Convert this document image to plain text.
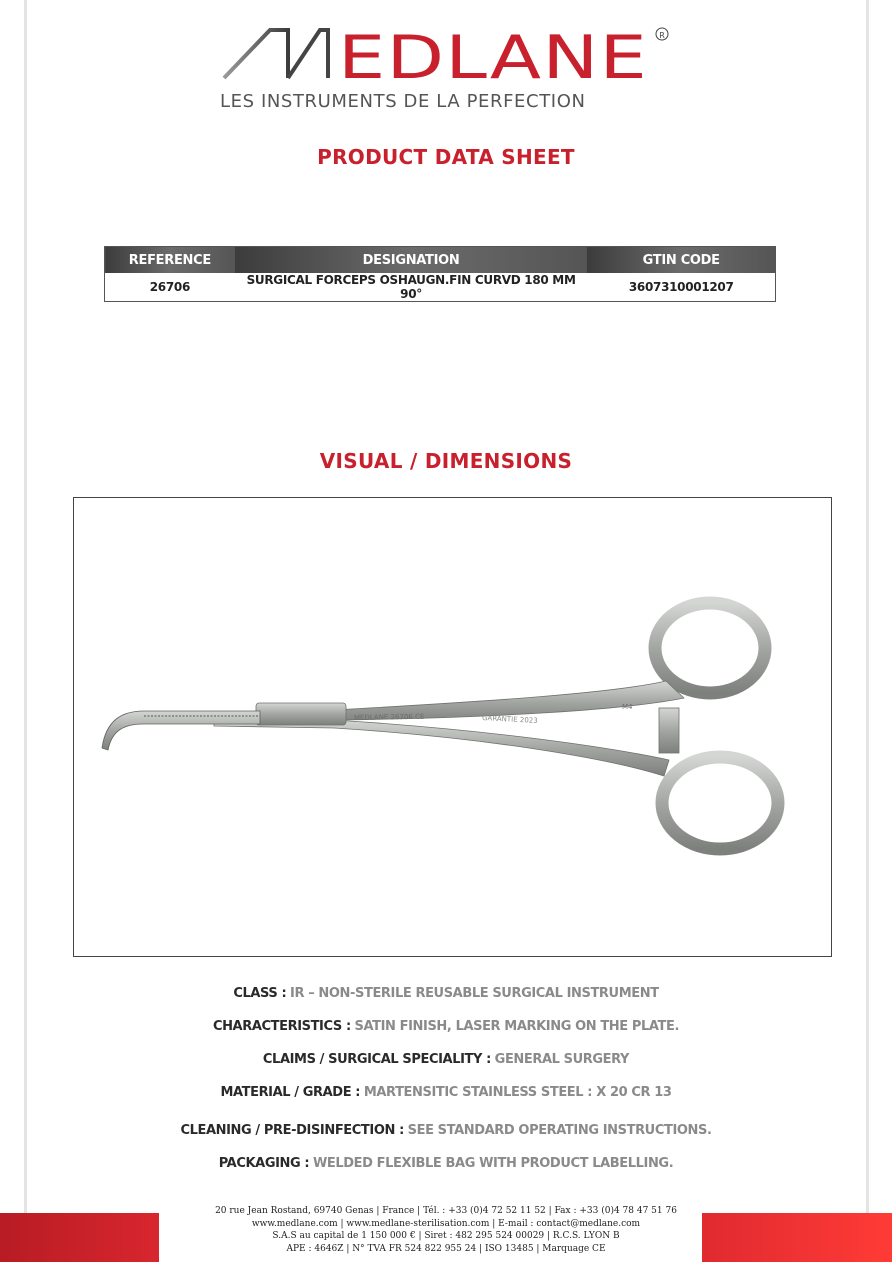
EDLANE R
LES INSTRUMENTS DE LA PERFECTION
PRODUCT DATA SHEET
REFERENCE	DESIGNATION	GTIN CODE
26706	SURGICAL FORCEPS OSHAUGN.FIN CURVD 180 MM 90°	3607310001207
VISUAL / DIMENSIONS
MEDLANE 26706 CE	GARANTIE 2023
M4
CLASS : IR – NON-STERILE REUSABLE SURGICAL INSTRUMENT
CHARACTERISTICS : SATIN FINISH, LASER MARKING ON THE PLATE.
CLAIMS / SURGICAL SPECIALITY : GENERAL SURGERY
MATERIAL / GRADE : MARTENSITIC STAINLESS STEEL : X 20 CR 13
CLEANING / PRE-DISINFECTION : SEE STANDARD OPERATING INSTRUCTIONS.
PACKAGING : WELDED FLEXIBLE BAG WITH PRODUCT LABELLING.
20 rue Jean Rostand, 69740 Genas | France | Tél. : +33 (0)4 72 52 11 52 | Fax : +33 (0)4 78 47 51 76
www.medlane.com | www.medlane-sterilisation.com | E-mail : contact@medlane.com
S.A.S au capital de 1 150 000 € | Siret : 482 295 524 00029 | R.C.S. LYON B
APE : 4646Z | N° TVA FR 524 822 955 24 | ISO 13485 | Marquage CE
